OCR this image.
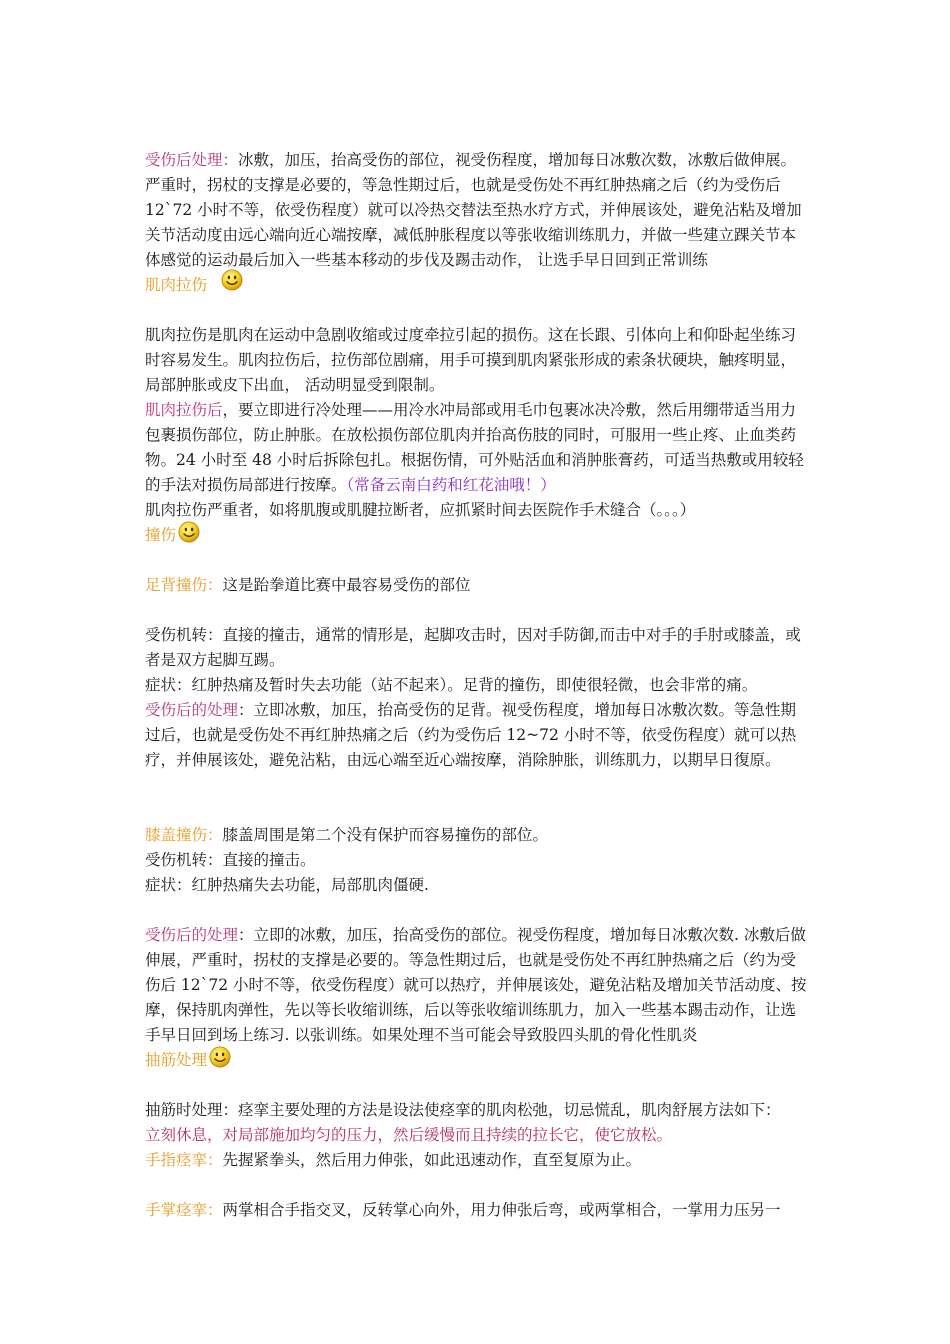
受伤后处理：冰敷，加压，抬高受伤的部位，视受伤程度，增加每日冰敷次数，冰敷后做伸展。严重时，拐杖的支撑是必要的，等急性期过后，也就是受伤处不再红肿热痛之后（约为受伤后 12`72 小时不等，依受伤程度）就可以冷热交替法至热水疗方式，并伸展该处，避免沾粘及增加关节活动度由远心端向近心端按摩，减低肿胀程度以等张收缩训练肌力，并做一些建立踝关节本体感觉的运动最后加入一些基本移动的步伐及踢击动作， 让选手早日回到正常训练

肌肉拉伤

肌肉拉伤是肌肉在运动中急剧收缩或过度牵拉引起的损伤。这在长跟、引体向上和仰卧起坐练习时容易发生。肌肉拉伤后，拉伤部位剧痛，用手可摸到肌肉紧张形成的索条状硬块，触疼明显， 局部肿胀或皮下出血， 活动明显受到限制。

肌肉拉伤后，要立即进行冷处理——用冷水冲局部或用毛巾包裹冰决冷敷，然后用绷带适当用力包裹损伤部位，防止肿胀。在放松损伤部位肌肉并抬高伤肢的同时，可服用一些止疼、止血类药物。24 小时至 48 小时后拆除包扎。根据伤情，可外贴活血和消肿胀膏药，可适当热敷或用较轻的手法对损伤局部进行按摩。（常备云南白药和红花油哦！）

肌肉拉伤严重者，如将肌腹或肌腱拉断者，应抓紧时间去医院作手术缝合（。。。）

撞伤

足背撞伤：这是跆拳道比赛中最容易受伤的部位

受伤机转：直接的撞击，通常的情形是，起脚攻击时，因对手防御,而击中对手的手肘或膝盖，或者是双方起脚互踢。

症状：红肿热痛及暂时失去功能（站不起来）。足背的撞伤，即使很轻微，也会非常的痛。

受伤后的处理：立即冰敷，加压，抬高受伤的足背。视受伤程度，增加每日冰敷次数。等急性期过后，也就是受伤处不再红肿热痛之后（约为受伤后 12~72 小时不等，依受伤程度）就可以热疗，并伸展该处，避免沾粘，由远心端至近心端按摩，消除肿胀，训练肌力，以期早日復原。

膝盖撞伤：膝盖周围是第二个没有保护而容易撞伤的部位。

受伤机转：直接的撞击。

症状：红肿热痛失去功能，局部肌肉僵硬.

受伤后的处理：立即的冰敷，加压，抬高受伤的部位。视受伤程度，增加每日冰敷次数. 冰敷后做伸展，严重时，拐杖的支撑是必要的。等急性期过后，也就是受伤处不再红肿热痛之后（约为受伤后 12`72 小时不等，依受伤程度）就可以热疗，并伸展该处，避免沾粘及增加关节活动度、按摩，保持肌肉弹性，先以等长收缩训练，后以等张收缩训练肌力，加入一些基本踢击动作，让选手早日回到场上练习. 以张训练。如果处理不当可能会导致股四头肌的骨化性肌炎

抽筋处理

抽筋时处理：痉挛主要处理的方法是设法使痉挛的肌肉松弛，切忌慌乱，肌肉舒展方法如下：

立刻休息，对局部施加均匀的压力，然后缓慢而且持续的拉长它，使它放松。

手指痉挛：先握紧拳头，然后用力伸张，如此迅速动作，直至复原为止。

手掌痉挛：两掌相合手指交叉，反转掌心向外，用力伸张后弯，或两掌相合，一掌用力压另一
